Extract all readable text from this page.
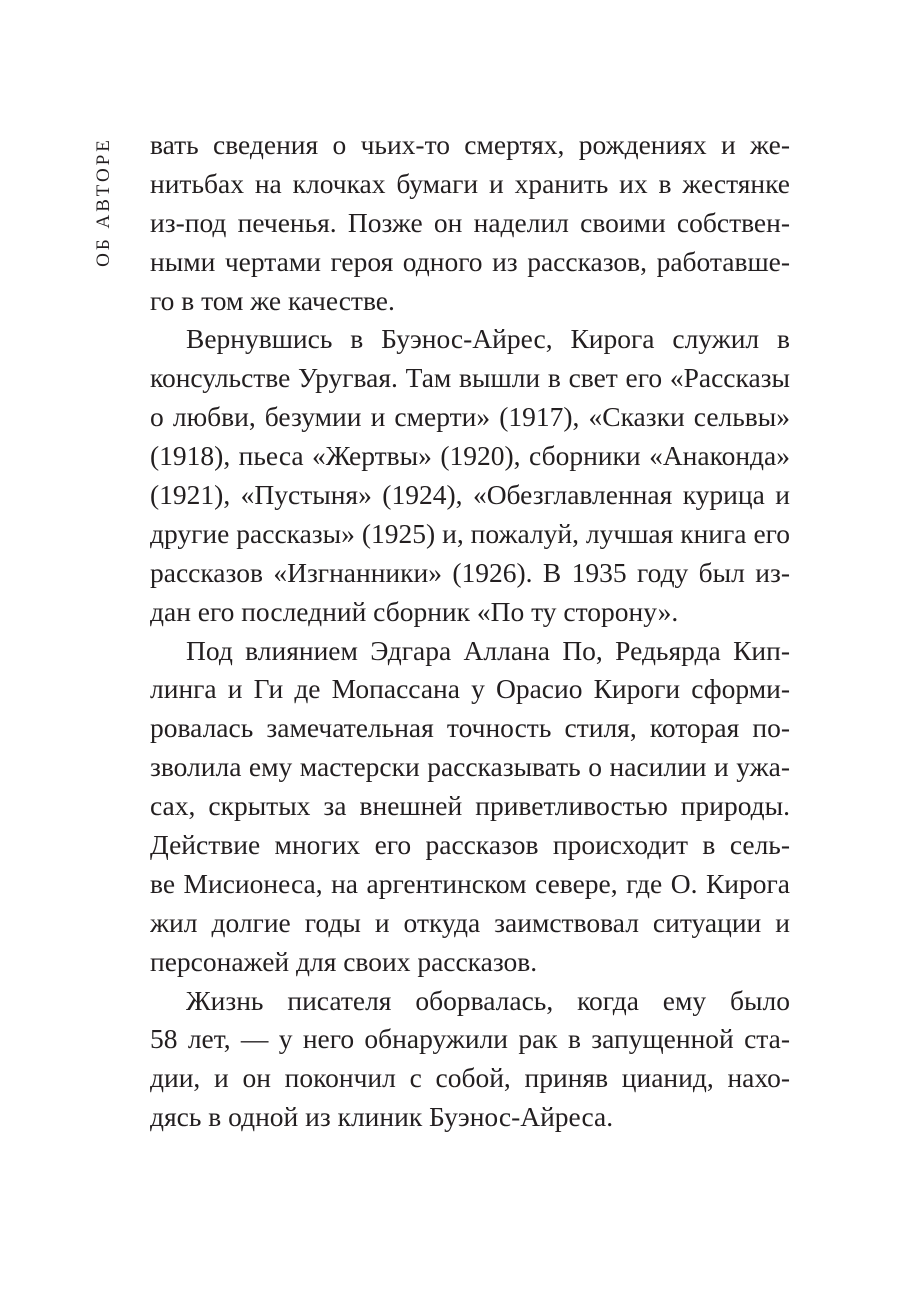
ОБ АВТОРЕ вать сведения о чьих-то смертях, рождениях и же-
нитьбах на клочках бумаги и хранить их в жестянке
из-под печенья. Позже он наделил своими собствен-
ными чертами героя одного из рассказов, работавше-
го в том же качестве.
Вернувшись в Буэнос-Айрес, Кирога служил в
консульстве Уругвая. Там вышли в свет его «Рассказы
о любви, безумии и смерти» (1917), «Сказки сельвы»
(1918), пьеса «Жертвы» (1920), сборники «Анаконда»
(1921), «Пустыня» (1924), «Обезглавленная курица и
другие рассказы» (1925) и, пожалуй, лучшая книга его
рассказов «Изгнанники» (1926). В 1935 году был из-
дан его последний сборник «По ту сторону».
Под влиянием Эдгара Аллана По, Редьярда Кип-
линга и Ги де Мопассана у Орасио Кироги сформи-
ровалась замечательная точность стиля, которая по-
зволила ему мастерски рассказывать о насилии и ужа-
сах, скрытых за внешней приветливостью природы.
Действие многих его рассказов происходит в сель-
ве Мисионеса, на аргентинском севере, где О. Кирога
жил долгие годы и откуда заимствовал ситуации и
персонажей для своих рассказов.
Жизнь писателя оборвалась, когда ему было
58 лет, — у него обнаружили рак в запущенной ста-
дии, и он покончил с собой, приняв цианид, нахо-
дясь в одной из клиник Буэнос-Айреса.
